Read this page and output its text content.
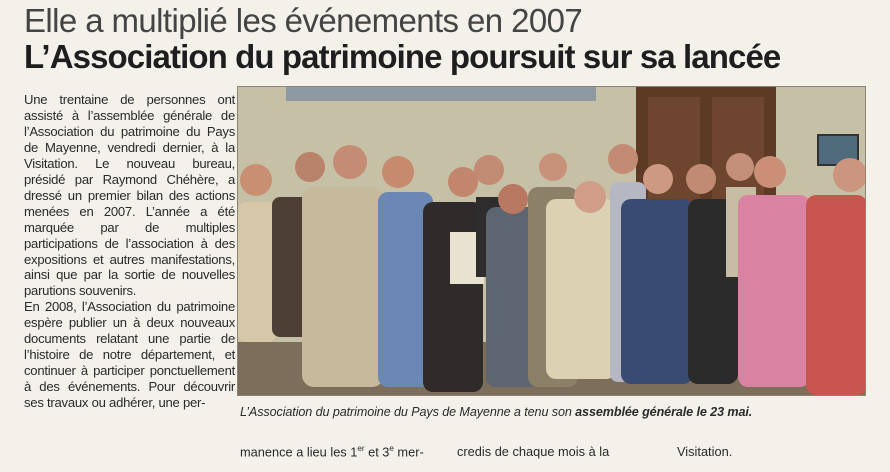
Elle a multiplié les événements en 2007
L’Association du patrimoine poursuit sur sa lancée

Une trentaine de personnes ont assisté à l’assemblée générale de l’Association du patrimoine du Pays de Mayenne, vendredi dernier, à la Visitation. Le nouveau bureau, présidé par Raymond Chéhère, a dressé un premier bilan des actions menées en 2007. L’année a été marquée par de multiples participations de l’association à des expositions et autres manifestations, ainsi que par la sortie de nouvelles parutions souvenirs.

En 2008, l’Association du patrimoine espère publier un à deux nouveaux documents relatant une partie de l’histoire de notre département, et continuer à participer ponctuellement à des événements. Pour découvrir ses travaux ou adhérer, une per-

L’Association du patrimoine du Pays de Mayenne a tenu son assemblée générale le 23 mai.
manence a lieu les 1er et 3e mer-	credis de chaque mois à la	Visitation.
